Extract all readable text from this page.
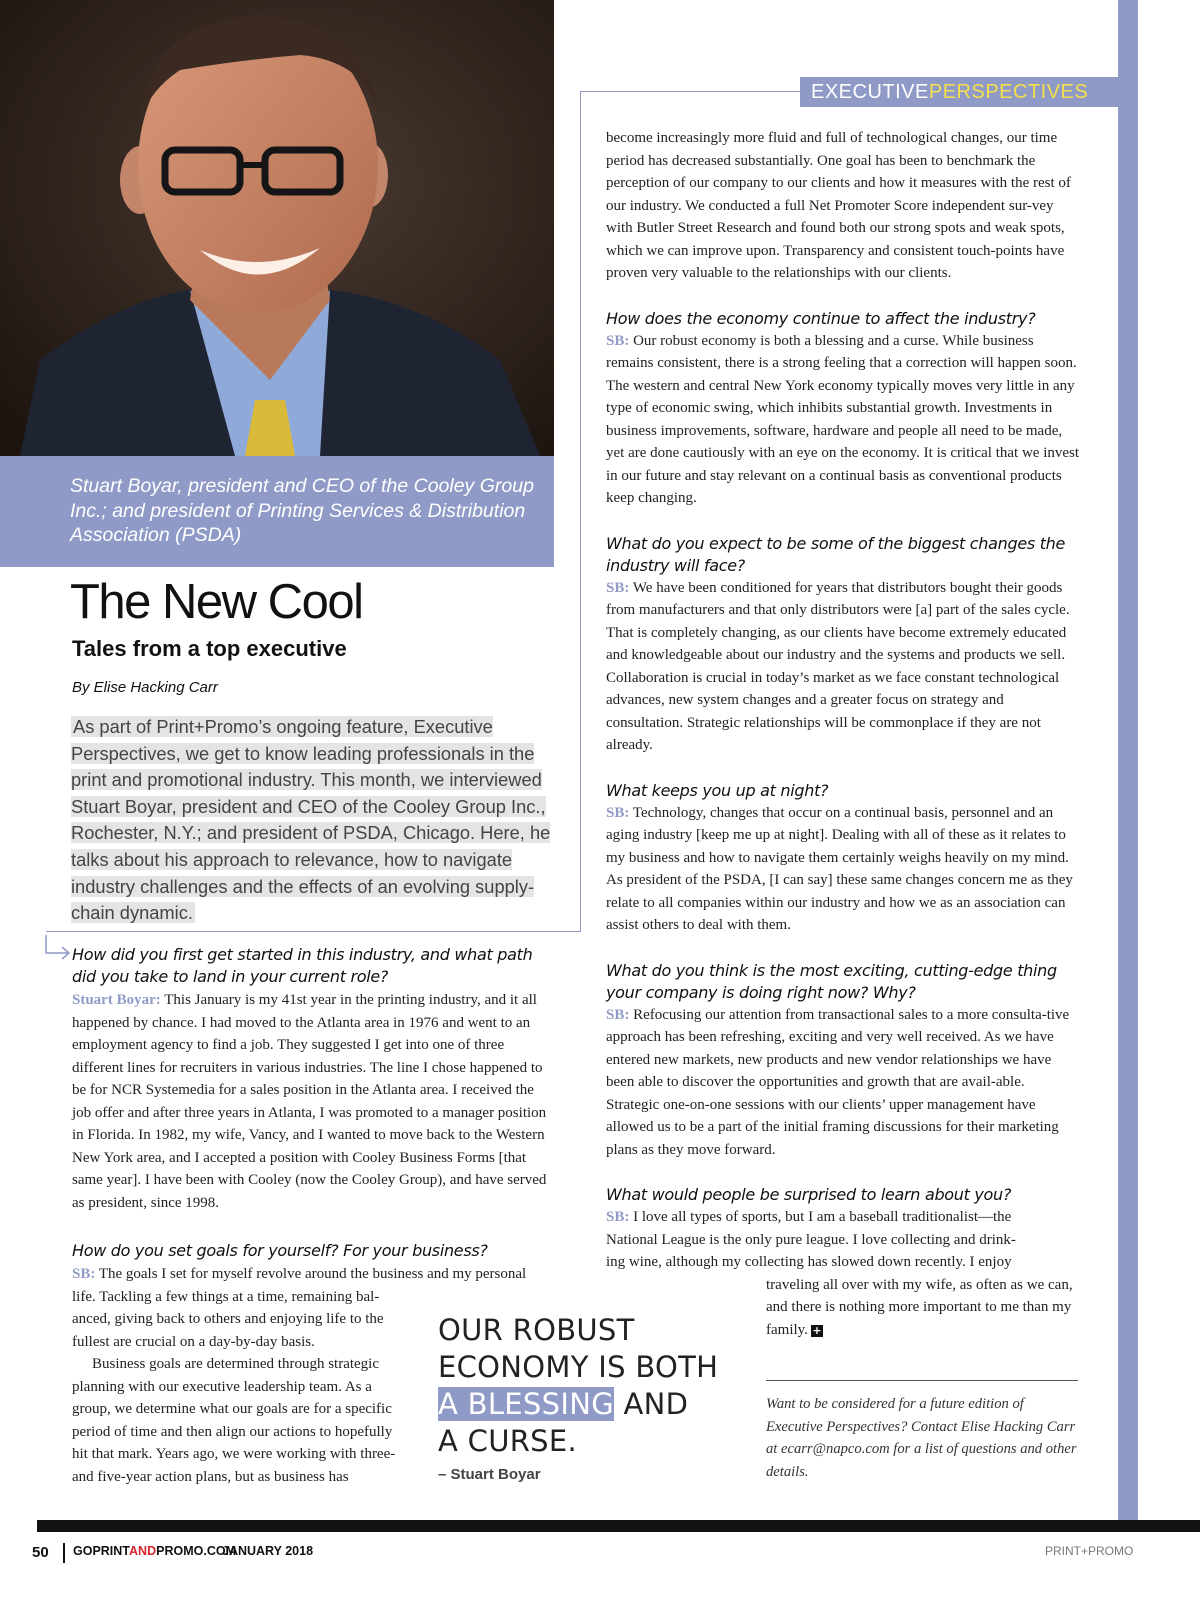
Stuart Boyar, president and CEO of the Cooley Group Inc.; and president of Printing Services & Distribution Association (PSDA)
EXECUTIVEPERSPECTIVES
The New Cool
Tales from a top executive
By Elise Hacking Carr
As part of Print+Promo’s ongoing feature, Executive Perspectives, we get to know leading professionals in the print and promotional industry. This month, we interviewed Stuart Boyar, president and CEO of the Cooley Group Inc., Rochester, N.Y.; and president of PSDA, Chicago. Here, he talks about his approach to relevance, how to navigate industry challenges and the effects of an evolving supply-chain dynamic.

How did you first get started in this industry, and what path did you take to land in your current role?

Stuart Boyar: This January is my 41st year in the printing industry, and it all happened by chance. I had moved to the Atlanta area in 1976 and went to an employment agency to find a job. They suggested I get into one of three different lines for recruiters in various industries. The line I chose happened to be for NCR Systemedia for a sales position in the Atlanta area. I received the job offer and after three years in Atlanta, I was promoted to a manager position in Florida. In 1982, my wife, Vancy, and I wanted to move back to the Western New York area, and I accepted a position with Cooley Business Forms [that same year]. I have been with Cooley (now the Cooley Group), and have served as president, since 1998.

How do you set goals for yourself? For your business?

SB: The goals I set for myself revolve around the business and my personal

life. Tackling a few things at a time, remaining bal-

anced, giving back to others and enjoying life to the

fullest are crucial on a day-by-day basis.

Business goals are determined through strategic planning with our executive leadership team. As a group, we determine what our goals are for a specific period of time and then align our actions to hopefully hit that mark. Years ago, we were working with three- and five-year action plans, but as business has

become increasingly more fluid and full of technological changes, our time period has decreased substantially. One goal has been to benchmark the perception of our company to our clients and how it measures with the rest of our industry. We conducted a full Net Promoter Score independent sur-vey with Butler Street Research and found both our strong spots and weak spots, which we can improve upon. Transparency and consistent touch-points have proven very valuable to the relationships with our clients.

How does the economy continue to affect the industry?

SB: Our robust economy is both a blessing and a curse. While business remains consistent, there is a strong feeling that a correction will happen soon. The western and central New York economy typically moves very little in any type of economic swing, which inhibits substantial growth. Investments in business improvements, software, hardware and people all need to be made, yet are done cautiously with an eye on the economy. It is critical that we invest in our future and stay relevant on a continual basis as conventional products keep changing.

What do you expect to be some of the biggest changes the industry will face?

SB: We have been conditioned for years that distributors bought their goods from manufacturers and that only distributors were [a] part of the sales cycle. That is completely changing, as our clients have become extremely educated and knowledgeable about our industry and the systems and products we sell. Collaboration is crucial in today’s market as we face constant technological advances, new system changes and a greater focus on strategy and consultation. Strategic relationships will be commonplace if they are not already.

What keeps you up at night?

SB: Technology, changes that occur on a continual basis, personnel and an aging industry [keep me up at night]. Dealing with all of these as it relates to my business and how to navigate them certainly weighs heavily on my mind. As president of the PSDA, [I can say] these same changes concern me as they relate to all companies within our industry and how we as an association can assist others to deal with them.

What do you think is the most exciting, cutting-edge thing your company is doing right now? Why?

SB: Refocusing our attention from transactional sales to a more consulta-tive approach has been refreshing, exciting and very well received. As we have entered new markets, new products and new vendor relationships we have been able to discover the opportunities and growth that are avail-able. Strategic one-on-one sessions with our clients’ upper management have allowed us to be a part of the initial framing discussions for their marketing plans as they move forward.

What would people be surprised to learn about you?

SB: I love all types of sports, but I am a baseball traditionalist—the

National League is the only pure league. I love collecting and drink-

ing wine, although my collecting has slowed down recently. I enjoy

traveling all over with my wife, as often as we can, and there is nothing more important to me than my family. +

OUR ROBUST
ECONOMY IS BOTH
A BLESSING AND
A CURSE.
– Stuart Boyar
Want to be considered for a future edition of Executive Perspectives? Contact Elise Hacking Carr at ecarr@napco.com for a list of questions and other details.
50 GOPRINTANDPROMO.COM
JANUARY 2018	PRINT+PROMO
